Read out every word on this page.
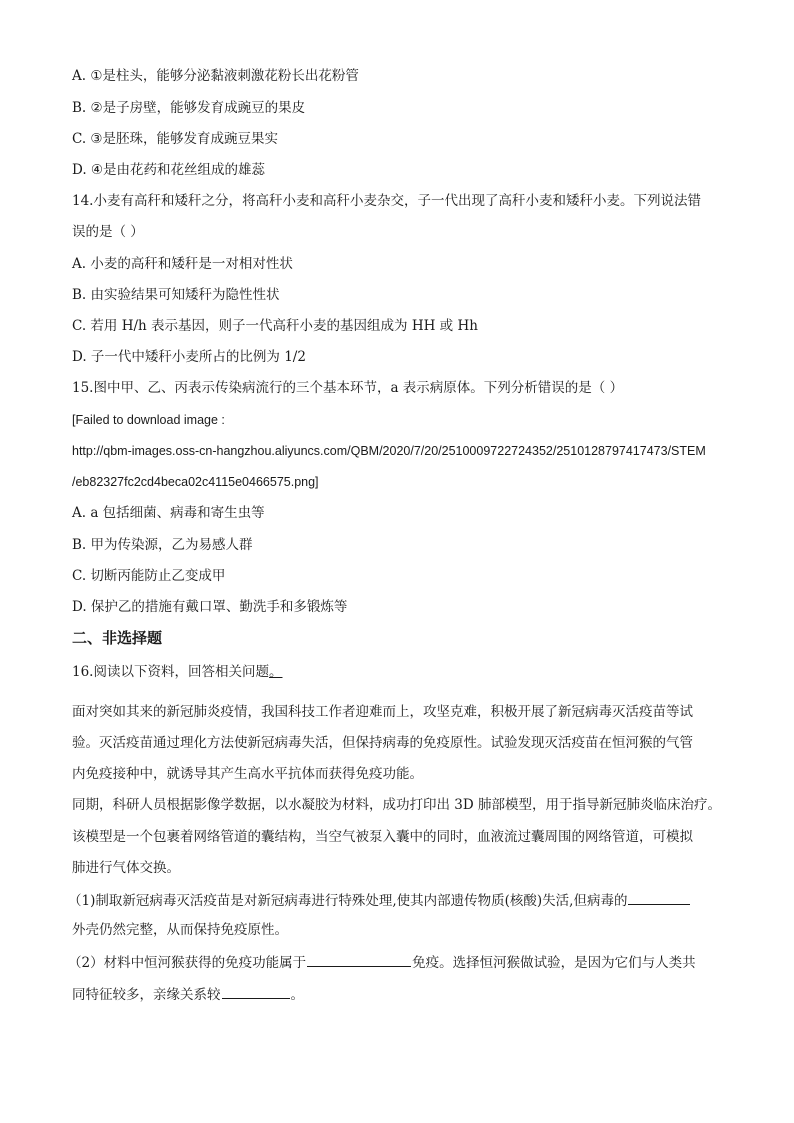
A. ①是柱头，能够分泌黏液刺激花粉长出花粉管
B. ②是子房壁，能够发育成豌豆的果皮
C. ③是胚珠，能够发育成豌豆果实
D. ④是由花药和花丝组成的雄蕊
14.小麦有高秆和矮秆之分，将高秆小麦和高秆小麦杂交，子一代出现了高秆小麦和矮秆小麦。下列说法错
误的是（ ）
A. 小麦的高秆和矮秆是一对相对性状
B. 由实验结果可知矮秆为隐性性状
C. 若用 H/h 表示基因，则子一代高秆小麦的基因组成为 HH 或 Hh
D. 子一代中矮秆小麦所占的比例为 1/2
15.图中甲、乙、丙表示传染病流行的三个基本环节，a 表示病原体。下列分析错误的是（ ）
[Failed to download image :
http://qbm-images.oss-cn-hangzhou.aliyuncs.com/QBM/2020/7/20/2510009722724352/2510128797417473/STEM
/eb82327fc2cd4beca02c4115e0466575.png]
A. a 包括细菌、病毒和寄生虫等
B. 甲为传染源，乙为易感人群
C. 切断丙能防止乙变成甲
D. 保护乙的措施有戴口罩、勤洗手和多锻炼等
二、非选择题
16.阅读以下资料，回答相关问题。
面对突如其来的新冠肺炎疫情，我国科技工作者迎难而上，攻坚克难，积极开展了新冠病毒灭活疫苗等试
验。灭活疫苗通过理化方法使新冠病毒失活，但保持病毒的免疫原性。试验发现灭活疫苗在恒河猴的气管
内免疫接种中，就诱导其产生高水平抗体而获得免疫功能。
同期，科研人员根据影像学数据，以水凝胶为材料，成功打印出 3D 肺部模型，用于指导新冠肺炎临床治疗。
该模型是一个包裹着网络管道的囊结构，当空气被泵入囊中的同时，血液流过囊周围的网络管道，可模拟
肺进行气体交换。
（1)制取新冠病毒灭活疫苗是对新冠病毒进行特殊处理,使其内部遗传物质(核酸)失活,但病毒的
外壳仍然完整，从而保持免疫原性。
（2）材料中恒河猴获得的免疫功能属于	免疫。选择恒河猴做试验，是因为它们与人类共
同特征较多，亲缘关系较	。
